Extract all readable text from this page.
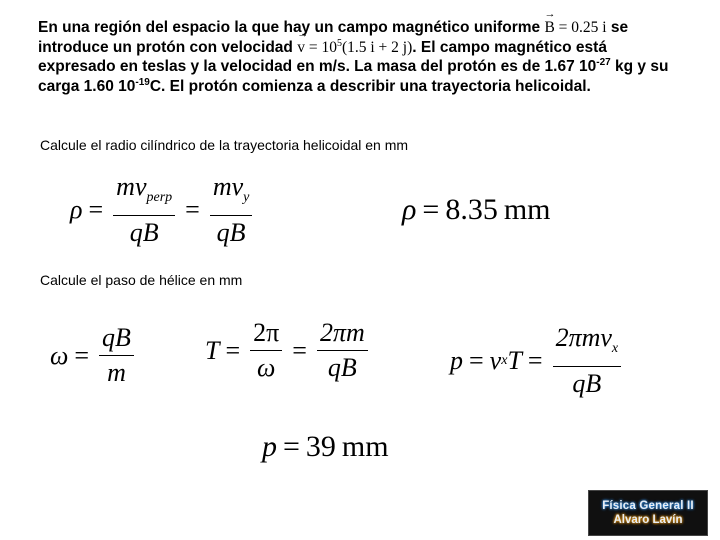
En una región del espacio la que hay un campo magnético uniforme → B = 0.25 i se
introduce un protón con velocidad → $v = 10^5(1.5$ i + 2 j). El campo magnético está
expresado en teslas y la velocidad en m/s. La masa del protón es de 1.67 $10^{-27}$ kg y su
carga 1.60 $10^{-19}C$. El protón comienza a describir una trayectoria helicoidal.
Calcule el radio cilíndrico de la trayectoria helicoidal en mm
$\rho = \frac{mv_{perp}}{qB} = \frac{mv_y}{qB}$	ρ = 8.35 mm
Calcule el paso de hélice en mm
$\omega = \frac{qB}{m}$	$T = \frac{2\pi}{\omega} = \frac{2\pi m}{qB}$	p = v x $T = \frac{2\pi mv_x}{qB}$
p = 39 mm
Física General II
Alvaro Lavín
